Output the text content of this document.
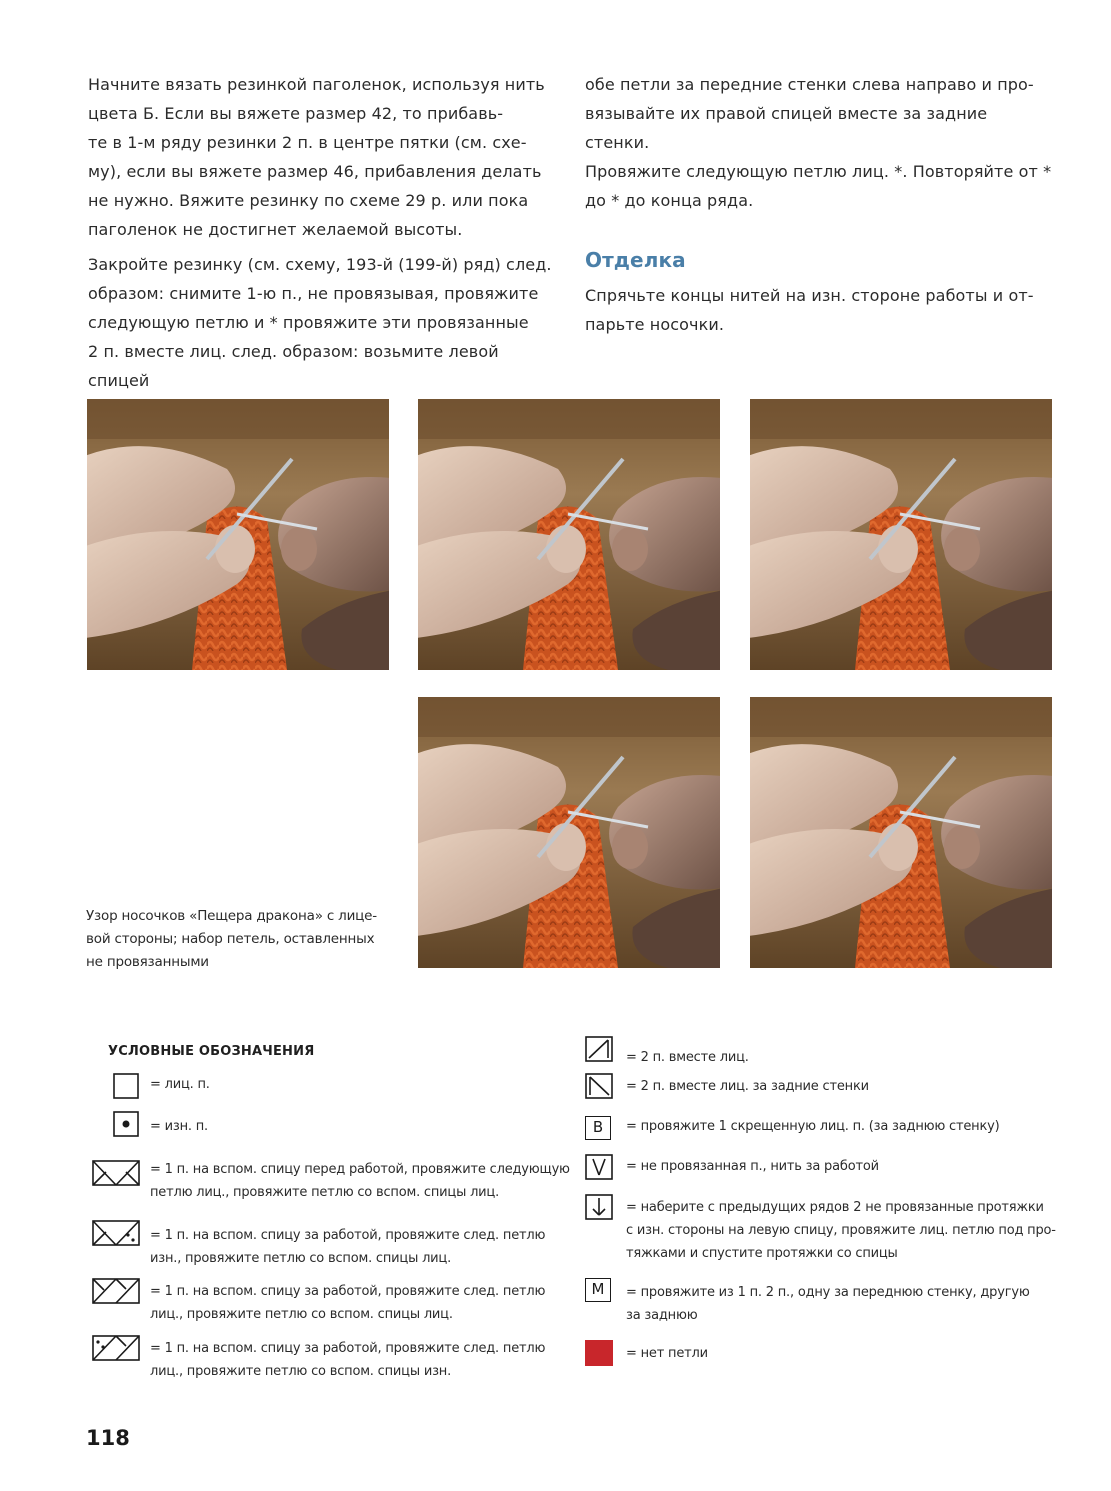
Начните вязать резинкой паголенок, используя нить
цвета Б. Если вы вяжете размер 42, то прибавь-
те в 1-м ряду резинки 2 п. в центре пятки (см. схе-
му), если вы вяжете размер 46, прибавления делать
не нужно. Вяжите резинку по схеме 29 р. или пока
паголенок не достигнет желаемой высоты.

Закройте резинку (см. схему, 193-й (199-й) ряд) след.
образом: снимите 1-ю п., не провязывая, провяжите
следующую петлю и * провяжите эти провязанные
2 п. вместе лиц. след. образом: возьмите левой спицей

обе петли за передние стенки слева направо и про-
вязывайте их правой спицей вместе за задние стенки.
Провяжите следующую петлю лиц. *. Повторяйте от *
до * до конца ряда.

Отделка

Спрячьте концы нитей на изн. стороне работы и от-
парьте носочки.

Узор носочков «Пещера дракона» с лице-
вой стороны; набор петель, оставленных
не провязанными
УСЛОВНЫЕ ОБОЗНАЧЕНИЯ
= лиц. п.
= изн. п.
= 1 п. на вспом. спицу перед работой, провяжите следующую
петлю лиц., провяжите петлю со вспом. спицы лиц.
= 1 п. на вспом. спицу за работой, провяжите след. петлю
изн., провяжите петлю со вспом. спицы лиц.
= 1 п. на вспом. спицу за работой, провяжите след. петлю
лиц., провяжите петлю со вспом. спицы лиц.
= 1 п. на вспом. спицу за работой, провяжите след. петлю
лиц., провяжите петлю со вспом. спицы изн.
= 2 п. вместе лиц.
= 2 п. вместе лиц. за задние стенки
B	= провяжите 1 скрещенную лиц. п. (за заднюю стенку)
= не провязанная п., нить за работой
= наберите с предыдущих рядов 2 не провязанные протяжки
с изн. стороны на левую спицу, провяжите лиц. петлю под про-
тяжками и спустите протяжки со спицы
M	= провяжите из 1 п. 2 п., одну за переднюю стенку, другую
за заднюю
= нет петли
118
